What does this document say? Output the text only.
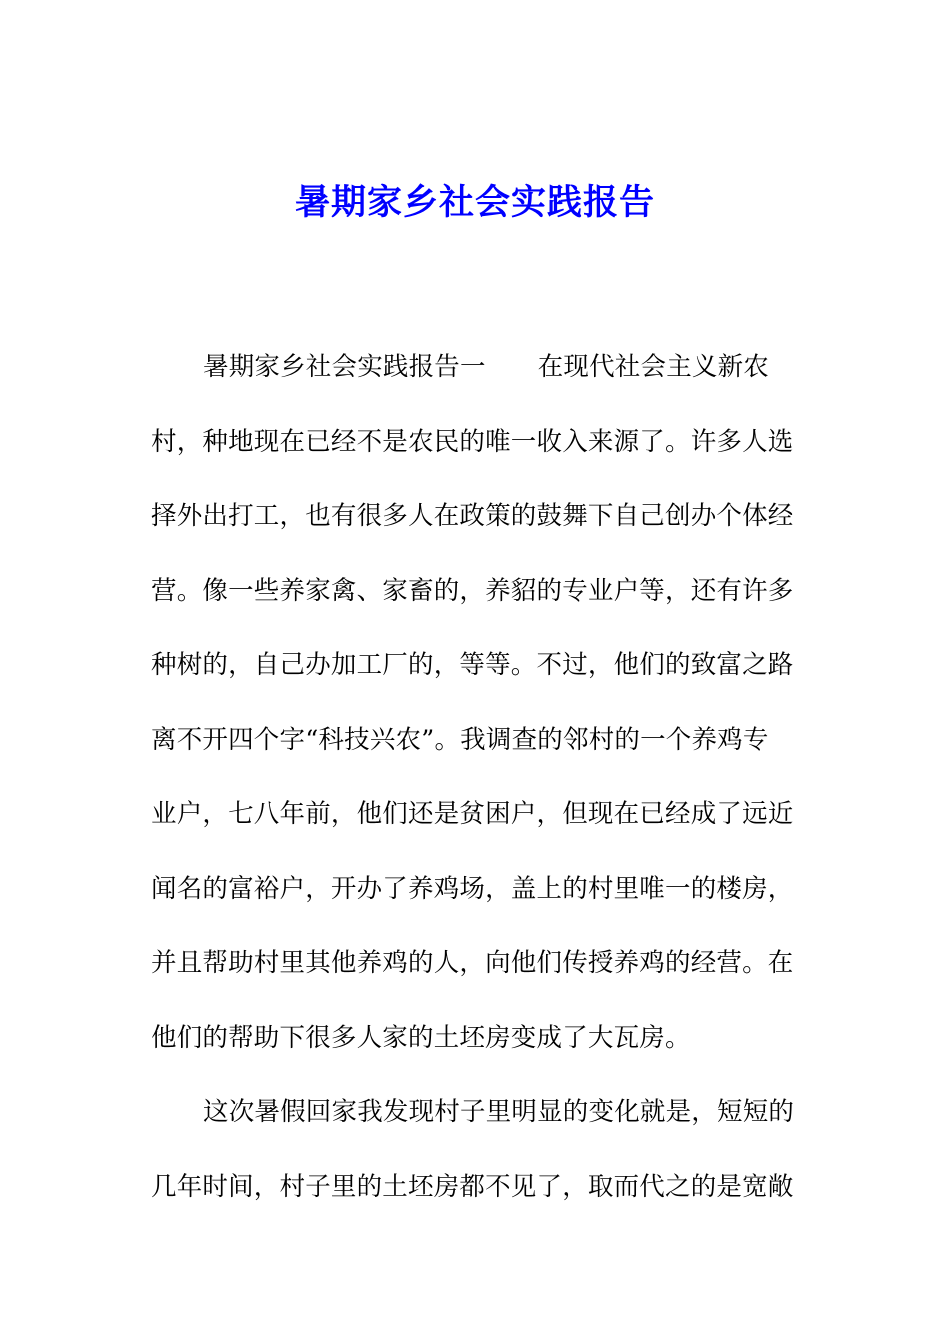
暑期家乡社会实践报告
暑期家乡社会实践报告一 在现代社会主义新农
村，种地现在已经不是农民的唯一收入来源了。许多人选
择外出打工，也有很多人在政策的鼓舞下自己创办个体经
营。像一些养家禽、家畜的，养貂的专业户等，还有许多
种树的，自己办加工厂的，等等。不过，他们的致富之路
离不开四个字“科技兴农”。我调查的邻村的一个养鸡专
业户，七八年前，他们还是贫困户，但现在已经成了远近
闻名的富裕户，开办了养鸡场，盖上的村里唯一的楼房，
并且帮助村里其他养鸡的人，向他们传授养鸡的经营。在
他们的帮助下很多人家的土坯房变成了大瓦房。
这次暑假回家我发现村子里明显的变化就是，短短的
几年时间，村子里的土坯房都不见了，取而代之的是宽敞
